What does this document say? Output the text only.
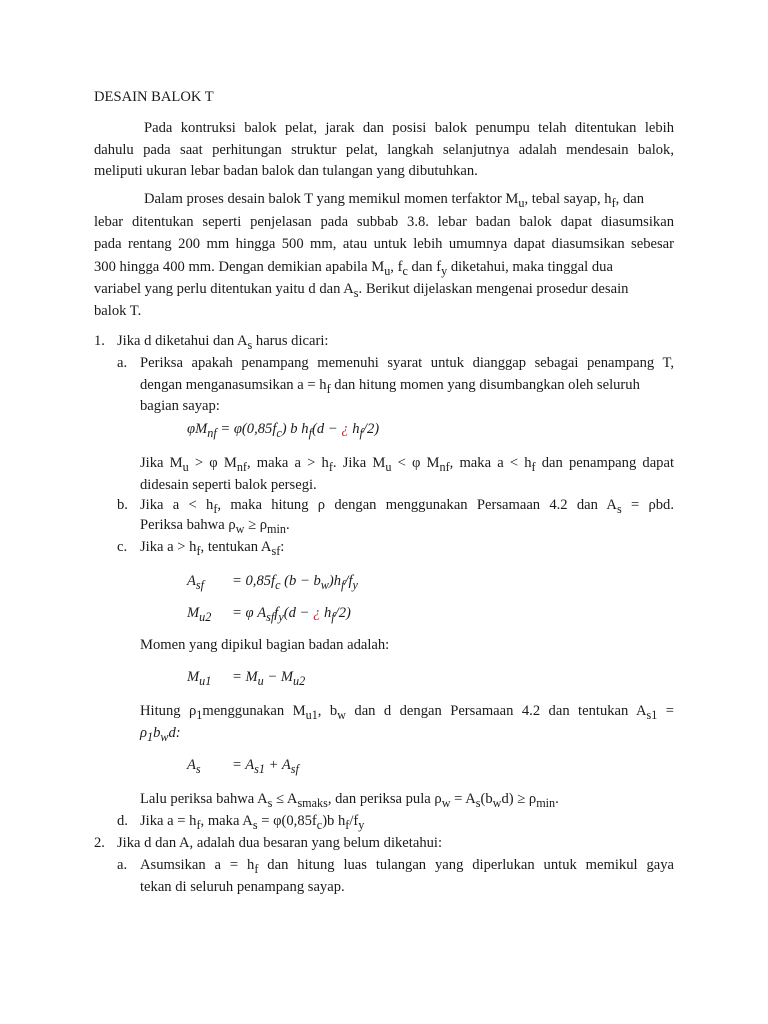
DESAIN BALOK T
Pada kontruksi balok pelat, jarak dan posisi balok penumpu telah ditentukan lebih
dahulu pada saat perhitungan struktur pelat, langkah selanjutnya adalah mendesain balok,
meliputi ukuran lebar badan balok dan tulangan yang dibutuhkan.
Dalam proses desain balok T yang memikul momen terfaktor $M_u$, tebal sayap, $h_f$, dan
lebar ditentukan seperti penjelasan pada subbab 3.8. lebar badan balok dapat diasumsikan
pada rentang 200 mm hingga 500 mm, atau untuk lebih umumnya dapat diasumsikan sebesar
300 hingga 400 mm. Dengan demikian apabila $M_u$, $f_c$ dan $f_y$ diketahui, maka tinggal dua
variabel yang perlu ditentukan yaitu d dan $A_s$. Berikut dijelaskan mengenai prosedur desain
balok T.
1. Jika d diketahui dan $A_s$ harus dicari:
a. Periksa apakah penampang memenuhi syarat untuk dianggap sebagai penampang T,
dengan menganasumsikan $a = h_f$ dan hitung momen yang disumbangkan oleh seluruh
bagian sayap:
$\varphi M_{nf} = \varphi(0,85f_c)$ b $h_f(d$ − ¿ $h_f/2$)
Jika $M_u > \varphi$ $M_{nf}$, maka $a > h_f$. Jika $M_u < \varphi$ $M_{nf}$, maka $a < h_f$ dan penampang dapat
didesain seperti balok persegi.
b. Jika $a < h_f$, maka hitung ρ dengan menggunakan Persamaan 4.2 dan $A_s = \rho bd$.
Periksa bahwa $\rho_w \ge \rho_{min}$.
c. Jika $a > h_f$, tentukan $A_{sf}$:
$A_{sf} = 0,85f_c$ $(b - b_w)h_f/f_y$
$M_{u2} = \varphi$ $A_{sf}f_y(d$ − ¿ $h_f/2$)
Momen yang dipikul bagian badan adalah:
$M_{u1} = M_u - M_{u2}$
Hitung $\rho_1menggunakan$ $M_{u1}$, $b_w$ dan d dengan Persamaan 4.2 dan tentukan $A_{s1}$ =
$\rho_1b_wd$:
$A_s = A_{s1} + A_{sf}$
Lalu periksa bahwa $A_s \le A_{smaks}$, dan periksa pula $\rho_w = A_s(b_wd) \ge \rho_{min}$.
d. Jika $a = h_f$, maka $A_s = \varphi(0,85f_c)b$ $h_f/f_y$
2. Jika d dan A, adalah dua besaran yang belum diketahui:
a. Asumsikan $a = h_f$ dan hitung luas tulangan yang diperlukan untuk memikul gaya
tekan di seluruh penampang sayap.
